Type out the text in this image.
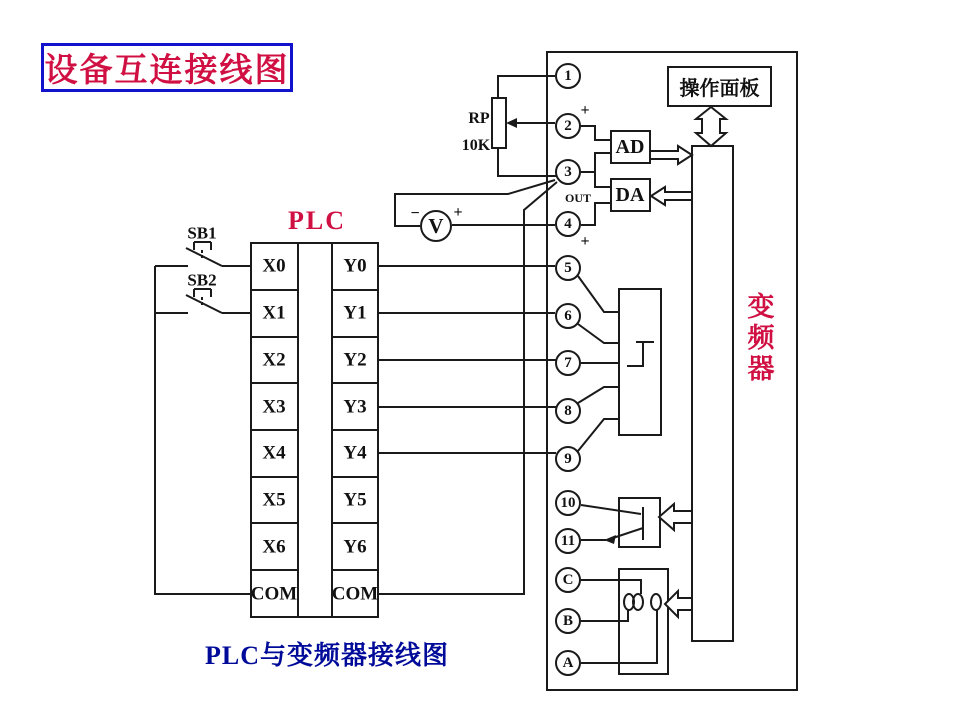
设备互连接线图
PLC
PLC与变频器接线图
SB1
SB2
RP
10K
− +
V
+
+
OUT
AD
DA
操作面板
变频器
X0
X1
X2
X3
X4
X5
X6
COM
Y0
Y1
Y2
Y3
Y4
Y5
Y6
COM
1
2
3
4
5
6
7
8
9
10
11
C
B
A
